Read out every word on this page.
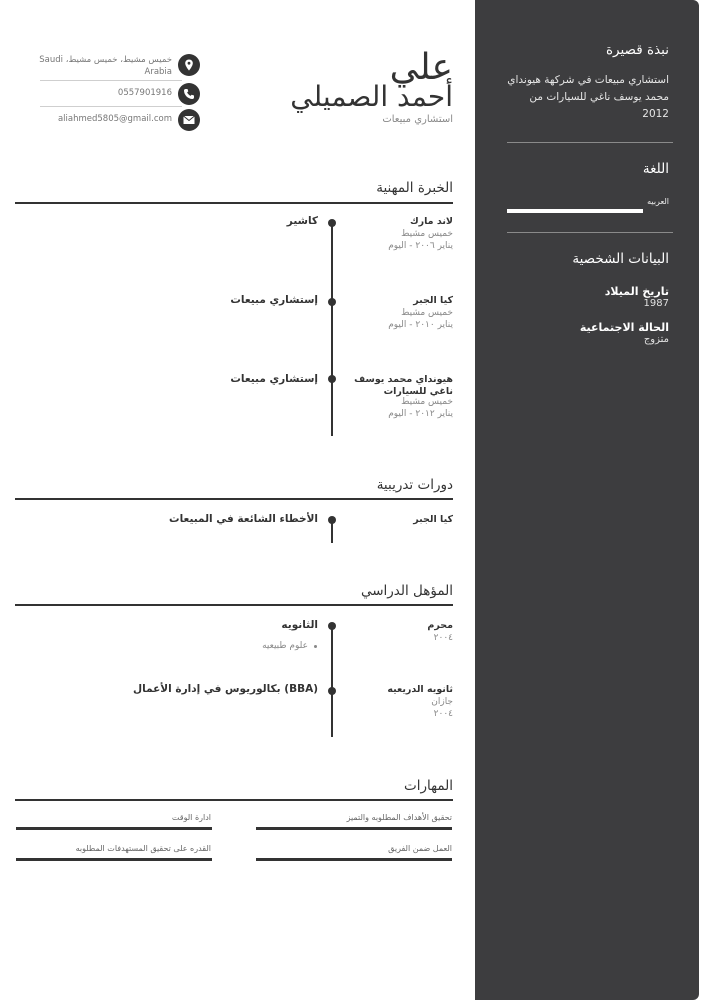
نبذة قصيرة
استشاري مبيعات في شركهة هيونداي محمد يوسف ناغي للسيارات من 2012
اللغة
العربيه
البيانات الشخصية
تاريخ الميلاد
1987
الحالة الاجتماعية
متزوج
علي
أحمد الصميلي
استشاري مبيعات
خميس مشيط، خميس مشيط، Saudi Arabia
0557901916
aliahmed5805@gmail.com
الخبرة المهنية
لاند مارك
خميس مشيط
يناير ٢٠٠٦ - اليوم
كاشير
كيا الجبر
خميس مشيط
يناير ٢٠١٠ - اليوم
إستشاري مبيعات
هيونداي محمد يوسف ناغي للسيارات
خميس مشيط
يناير ٢٠١٢ - اليوم
إستشاري مبيعات
دورات تدريبية
كيا الجبر
الأخطاء الشائعة في المبيعات
المؤهل الدراسي
محرم
٢٠٠٤
الثانويه
علوم طبيعيه
ثانويه الدريعيه
جازان
٢٠٠٤
بكالوريوس في إدارة الأعمال (BBA)
المهارات
تحقيق الأهداف المطلوبه والتميز
ادارة الوقت
العمل ضمن الفريق
القدره على تحقيق المستهدفات المطلوبه
